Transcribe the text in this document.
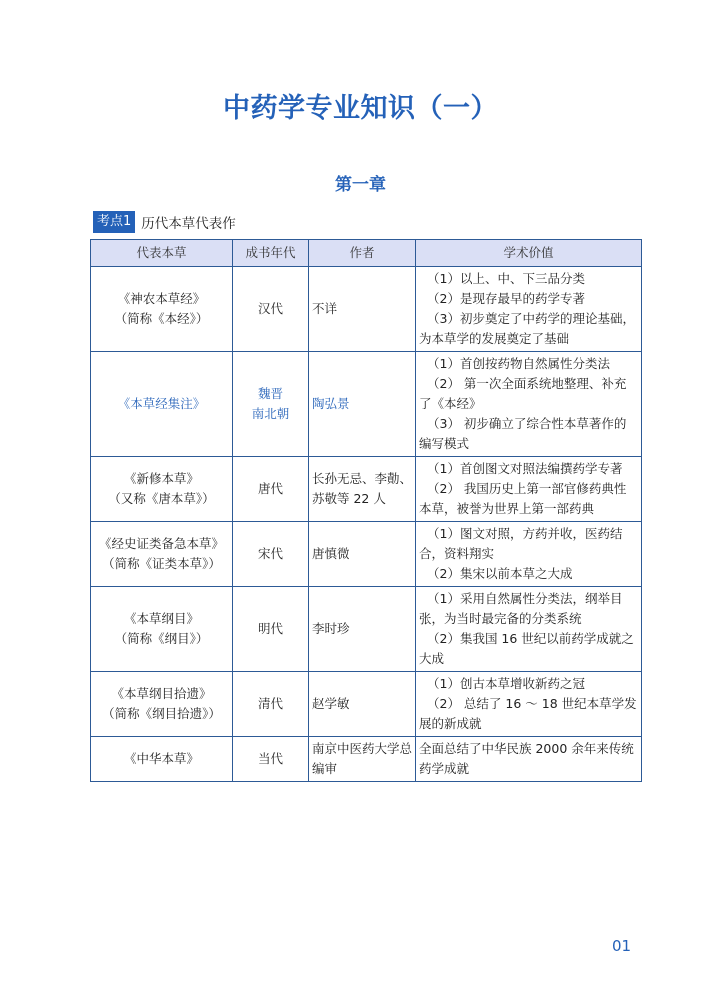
中药学专业知识（一）
第一章
考点1 历代本草代表作
代表本草	成书年代	作者	学术价值

《神农本草经》
（简称《本经》）	汉代	不详	（1）以上、中、下三品分类
（2）是现存最早的药学专著
（3）初步奠定了中药学的理论基础，为本草学的发展奠定了基础

《本草经集注》	魏晋
南北朝	陶弘景	（1）首创按药物自然属性分类法
（2） 第一次全面系统地整理、补充了《本经》
（3） 初步确立了综合性本草著作的编写模式

《新修本草》
（又称《唐本草》）	唐代	长孙无忌、李勣、苏敬等 22 人	（1）首创图文对照法编撰药学专著
（2） 我国历史上第一部官修药典性本草，被誉为世界上第一部药典

《经史证类备急本草》
（简称《证类本草》）	宋代	唐慎微	（1）图文对照，方药并收，医药结合，资料翔实
（2）集宋以前本草之大成

《本草纲目》
（简称《纲目》）	明代	李时珍	（1）采用自然属性分类法，纲举目张，为当时最完备的分类系统
（2）集我国 16 世纪以前药学成就之大成

《本草纲目拾遗》
（简称《纲目拾遗》）	清代	赵学敏	（1）创古本草增收新药之冠
（2） 总结了 16 ～ 18 世纪本草学发展的新成就

《中华本草》	当代	南京中医药大学总编审	全面总结了中华民族 2000 余年来传统药学成就
01
